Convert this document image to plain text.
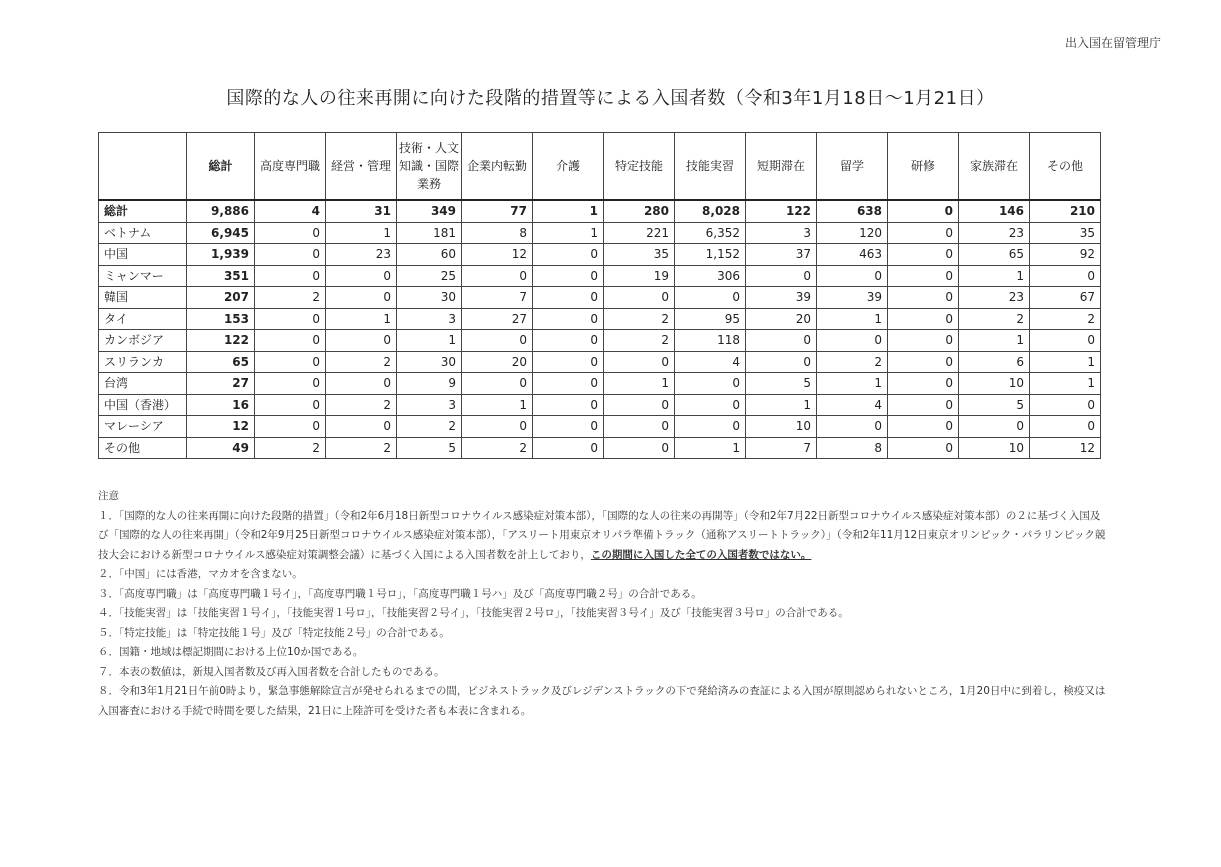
出入国在留管理庁
国際的な人の往来再開に向けた段階的措置等による入国者数（令和3年1月18日～1月21日）
	総計	高度専門職	経営・管理	技術・人文知識・国際業務	企業内転勤	介護	特定技能	技能実習	短期滞在	留学	研修	家族滞在	その他
総計	9,886	4	31	349	77	1	280	8,028	122	638	0	146	210
ベトナム	6,945	0	1	181	8	1	221	6,352	3	120	0	23	35
中国	1,939	0	23	60	12	0	35	1,152	37	463	0	65	92
ミャンマー	351	0	0	25	0	0	19	306	0	0	0	1	0
韓国	207	2	0	30	7	0	0	0	39	39	0	23	67
タイ	153	0	1	3	27	0	2	95	20	1	0	2	2
カンボジア	122	0	0	1	0	0	2	118	0	0	0	1	0
スリランカ	65	0	2	30	20	0	0	4	0	2	0	6	1
台湾	27	0	0	9	0	0	1	0	5	1	0	10	1
中国（香港）	16	0	2	3	1	0	0	0	1	4	0	5	0
マレーシア	12	0	0	2	0	0	0	0	10	0	0	0	0
その他	49	2	2	5	2	0	0	1	7	8	0	10	12

注意

１．「国際的な人の往来再開に向けた段階的措置」（令和2年6月18日新型コロナウイルス感染症対策本部），「国際的な人の往来の再開等」（令和2年7月22日新型コロナウイルス感染症対策本部）の２に基づく入国及び「国際的な人の往来再開」（令和2年9月25日新型コロナウイルス感染症対策本部），「アスリート用東京オリパラ準備トラック（通称アスリートトラック）」（令和2年11月12日東京オリンピック・パラリンピック競技大会における新型コロナウイルス感染症対策調整会議）に基づく入国による入国者数を計上しており，この期間に入国した全ての入国者数ではない。

２．「中国」には香港，マカオを含まない。

３．「高度専門職」は「高度専門職１号イ」，「高度専門職１号ロ」，「高度専門職１号ハ」及び「高度専門職２号」の合計である。

４．「技能実習」は「技能実習１号イ」，「技能実習１号ロ」，「技能実習２号イ」，「技能実習２号ロ」，「技能実習３号イ」及び「技能実習３号ロ」の合計である。

５．「特定技能」は「特定技能１号」及び「特定技能２号」の合計である。

６．国籍・地域は標記期間における上位10か国である。

７．本表の数値は，新規入国者数及び再入国者数を合計したものである。

８．令和3年1月21日午前0時より，緊急事態解除宣言が発せられるまでの間，ビジネストラック及びレジデンストラックの下で発給済みの査証による入国が原則認められないところ，1月20日中に到着し，検疫又は入国審査における手続で時間を要した結果，21日に上陸許可を受けた者も本表に含まれる。
